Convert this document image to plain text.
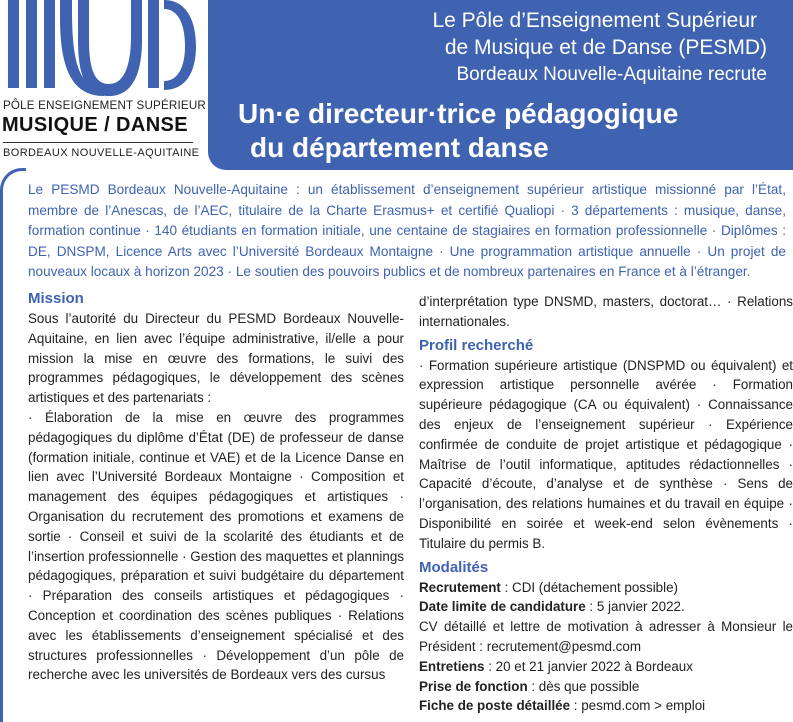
PÔLE ENSEIGNEMENT SUPÉRIEUR
MUSIQUE / DANSE
BORDEAUX NOUVELLE-AQUITAINE
Le Pôle d’Enseignement Supérieur
de Musique et de Danse (PESMD)
Bordeaux Nouvelle-Aquitaine recrute
Un·e directeur·trice pédagogique
du département danse
Le PESMD Bordeaux Nouvelle-Aquitaine : un établissement d’enseignement supérieur artistique missionné par l’État, membre de l’Anescas, de l’AEC, titulaire de la Charte Erasmus+ et certifié Qualiopi · 3 départements : musique, danse, formation continue · 140 étudiants en formation initiale, une centaine de stagiaires en formation professionnelle · Diplômes : DE, DNSPM, Licence Arts avec l’Université Bordeaux Montaigne · Une programmation artistique annuelle · Un projet de nouveaux locaux à horizon 2023 · Le soutien des pouvoirs publics et de nombreux partenaires en France et à l’étranger.
Mission
Sous l’autorité du Directeur du PESMD Bordeaux Nouvelle-Aquitaine, en lien avec l’équipe administrative, il/elle a pour mission la mise en œuvre des formations, le suivi des programmes pédagogiques, le développement des scènes artistiques et des partenariats :
· Élaboration de la mise en œuvre des programmes pédagogiques du diplôme d’État (DE) de professeur de danse (formation initiale, continue et VAE) et de la Licence Danse en lien avec l’Université Bordeaux Montaigne · Composition et management des équipes pédagogiques et artistiques · Organisation du recrutement des promotions et examens de sortie · Conseil et suivi de la scolarité des étudiants et de l’insertion professionnelle · Gestion des maquettes et plannings pédagogiques, préparation et suivi budgétaire du département · Préparation des conseils artistiques et pédagogiques · Conception et coordination des scènes publiques · Relations avec les établissements d’enseignement spécialisé et des structures professionnelles · Développement d’un pôle de recherche avec les universités de Bordeaux vers des cursus
d’interprétation type DNSMD, masters, doctorat… · Relations internationales.
Profil recherché
· Formation supérieure artistique (DNSPMD ou équivalent) et expression artistique personnelle avérée · Formation supérieure pédagogique (CA ou équivalent) · Connaissance des enjeux de l’enseignement supérieur · Expérience confirmée de conduite de projet artistique et pédagogique · Maîtrise de l’outil informatique, aptitudes rédactionnelles · Capacité d’écoute, d’analyse et de synthèse · Sens de l’organisation, des relations humaines et du travail en équipe · Disponibilité en soirée et week-end selon évènements · Titulaire du permis B.
Modalités
Recrutement : CDI (détachement possible)
Date limite de candidature : 5 janvier 2022.
CV détaillé et lettre de motivation à adresser à Monsieur le Président : recrutement@pesmd.com
Entretiens : 20 et 21 janvier 2022 à Bordeaux
Prise de fonction : dès que possible
Fiche de poste détaillée : pesmd.com > emploi
